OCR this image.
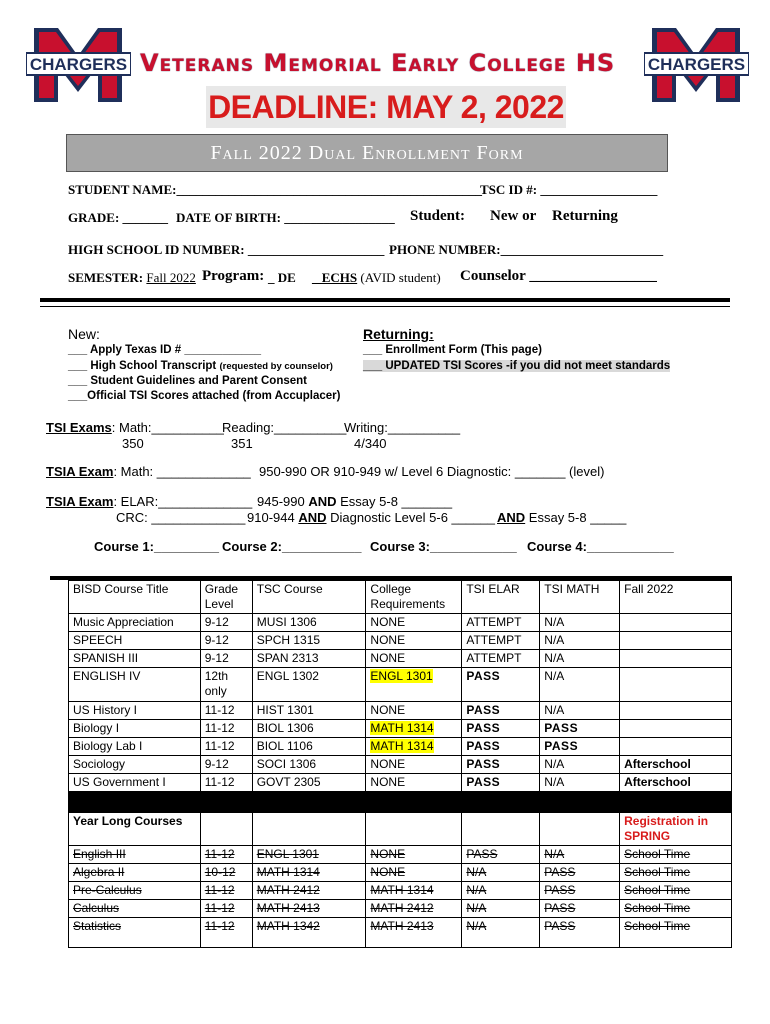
CHARGERS Veterans Memorial Early College HS	CHARGERS
DEADLINE: MAY 2, 2022
Fall 2022 Dual Enrollment Form
STUDENT NAME:_______________________________________________
TSC ID #: __________________
GRADE: _______ DATE OF BIRTH: _________________ Student: New or Returning
HIGH SCHOOL ID NUMBER: _____________________ PHONE NUMBER:_________________________
SEMESTER: Fall 2022 Program: _ DE _ ECHS (AVID student) Counselor _________________
New:
___ Apply Texas ID # ____________
___ High School Transcript (requested by counselor)
___ Student Guidelines and Parent Consent
___Official TSI Scores attached (from Accuplacer)
Returning:
___ Enrollment Form (This page)
___ UPDATED TSI Scores -if you did not meet standards
TSI Exams: Math:__________
350
Reading:__________
351
Writing:__________
4/340
TSIA Exam: Math: _____________ 950-990 OR 910-949 w/ Level 6 Diagnostic: _______ (level)
TSIA Exam: ELAR:_____________ 945-990 AND Essay 5-8 _______
CRC: _____________ 910-944 AND Diagnostic Level 5-6 ______ AND Essay 5-8 _____
Course 1:_________ Course 2:___________ Course 3:____________ Course 4:____________
BISD Course Title	Grade Level	TSC Course	College Requirements	TSI ELAR	TSI MATH	Fall 2022
Music Appreciation	9-12	MUSI 1306	NONE	ATTEMPT	N/A	
SPEECH	9-12	SPCH 1315	NONE	ATTEMPT	N/A	
SPANISH III	9-12	SPAN 2313	NONE	ATTEMPT	N/A	
ENGLISH IV	12th only	ENGL 1302	ENGL 1301	PASS	N/A	
US History I	11-12	HIST 1301	NONE	PASS	N/A	
Biology I	11-12	BIOL 1306	MATH 1314	PASS	PASS	
Biology Lab I	11-12	BIOL 1106	MATH 1314	PASS	PASS	
Sociology	9-12	SOCI 1306	NONE	PASS	N/A	Afterschool
US Government I	11-12	GOVT 2305	NONE	PASS	N/A	Afterschool

Year Long Courses						Registration in SPRING
English III	11-12	ENGL 1301	NONE	PASS	N/A	School Time
Algebra II	10-12	MATH 1314	NONE	N/A	PASS	School Time
Pre-Calculus	11-12	MATH 2412	MATH 1314	N/A	PASS	School Time
Calculus	11-12	MATH 2413	MATH 2412	N/A	PASS	School Time
Statistics	11-12	MATH 1342	MATH 2413	N/A	PASS	School Time
